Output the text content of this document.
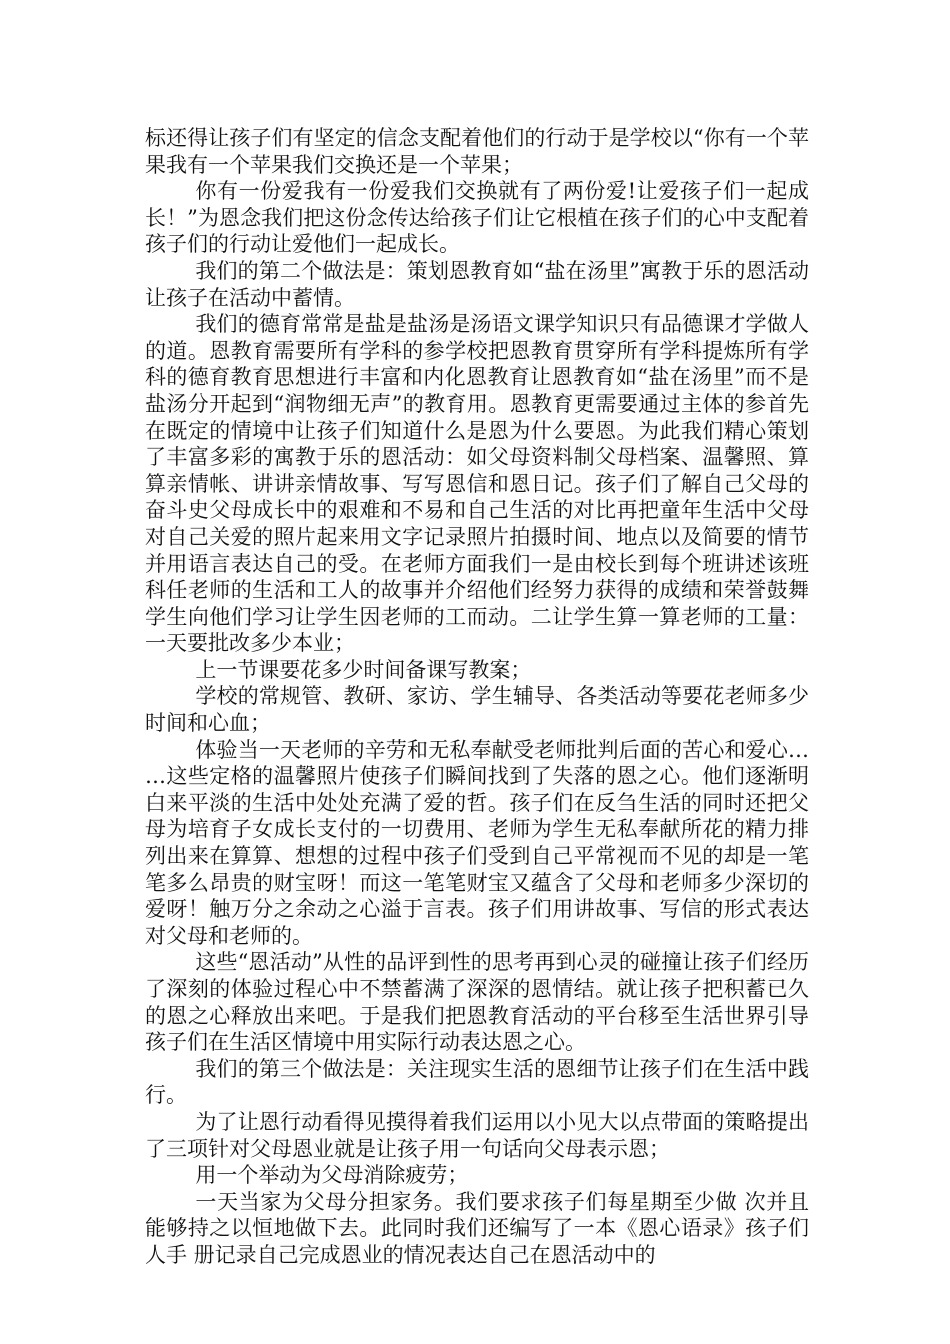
标还得让孩子们有坚定的信念支配着他们的行动于是学校以“你有一个苹果我有一个苹果我们交换还是一个苹果；

你有一份爱我有一份爱我们交换就有了两份爱!让爱孩子们一起成长！”为恩念我们把这份念传达给孩子们让它根植在孩子们的心中支配着孩子们的行动让爱他们一起成长。

我们的第二个做法是：策划恩教育如“盐在汤里”寓教于乐的恩活动让孩子在活动中蓄情。

我们的德育常常是盐是盐汤是汤语文课学知识只有品德课才学做人的道。恩教育需要所有学科的参学校把恩教育贯穿所有学科提炼所有学科的德育教育思想进行丰富和内化恩教育让恩教育如“盐在汤里”而不是盐汤分开起到“润物细无声”的教育用。恩教育更需要通过主体的参首先在既定的情境中让孩子们知道什么是恩为什么要恩。为此我们精心策划了丰富多彩的寓教于乐的恩活动：如父母资料制父母档案、温馨照、算算亲情帐、讲讲亲情故事、写写恩信和恩日记。孩子们了解自己父母的奋斗史父母成长中的艰难和不易和自己生活的对比再把童年生活中父母对自己关爱的照片起来用文字记录照片拍摄时间、地点以及简要的情节并用语言表达自己的受。在老师方面我们一是由校长到每个班讲述该班科任老师的生活和工人的故事并介绍他们经努力获得的成绩和荣誉鼓舞学生向他们学习让学生因老师的工而动。二让学生算一算老师的工量：一天要批改多少本业；

上一节课要花多少时间备课写教案；

学校的常规管、教研、家访、学生辅导、各类活动等要花老师多少时间和心血；

体验当一天老师的辛劳和无私奉献受老师批判后面的苦心和爱心……这些定格的温馨照片使孩子们瞬间找到了失落的恩之心。他们逐渐明白来平淡的生活中处处充满了爱的哲。孩子们在反刍生活的同时还把父母为培育子女成长支付的一切费用、老师为学生无私奉献所花的精力排列出来在算算、想想的过程中孩子们受到自己平常视而不见的却是一笔笔多么昂贵的财宝呀！而这一笔笔财宝又蕴含了父母和老师多少深切的爱呀！触万分之余动之心溢于言表。孩子们用讲故事、写信的形式表达对父母和老师的。

这些“恩活动”从性的品评到性的思考再到心灵的碰撞让孩子们经历了深刻的体验过程心中不禁蓄满了深深的恩情结。就让孩子把积蓄已久的恩之心释放出来吧。于是我们把恩教育活动的平台移至生活世界引导孩子们在生活区情境中用实际行动表达恩之心。

我们的第三个做法是：关注现实生活的恩细节让孩子们在生活中践行。

为了让恩行动看得见摸得着我们运用以小见大以点带面的策略提出了三项针对父母恩业就是让孩子用一句话向父母表示恩；

用一个举动为父母消除疲劳；

一天当家为父母分担家务。我们要求孩子们每星期至少做 次并且能够持之以恒地做下去。此同时我们还编写了一本《恩心语录》孩子们人手 册记录自己完成恩业的情况表达自己在恩活动中的
